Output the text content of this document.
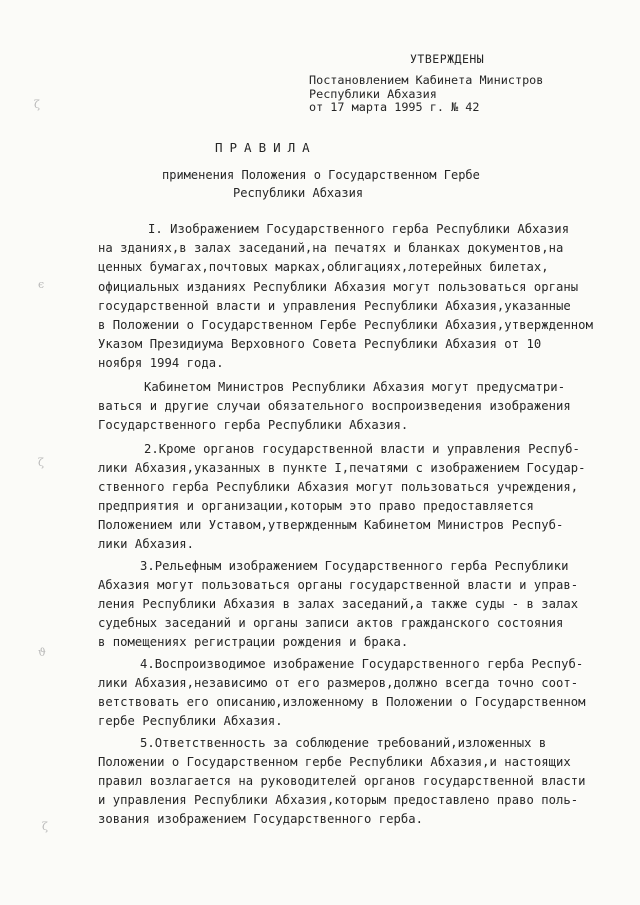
УТВЕРЖДЕНЫ
Постановлением Кабинета Министров
Республики Абхазия
от 17 марта 1995 г. № 42
ПРАВИЛА
применения Положения о Государственном Гербе
Республики Абхазия
I. Изображением Государственного герба Республики Абхазия
на зданиях,в залах заседаний,на печатях и бланках документов,на
ценных бумагах,почтовых марках,облигациях,лотерейных билетах,
официальных изданиях Республики Абхазия могут пользоваться органы
государственной власти и управления Республики Абхазия,указанные
в Положении о Государственном Гербе Республики Абхазия,утвержденном
Указом Президиума Верховного Совета Республики Абхазия от 10
ноября 1994 года.
Кабинетом Министров Республики Абхазия могут предусматри-
ваться и другие случаи обязательного воспроизведения изображения
Государственного герба Республики Абхазия.
2.Кроме органов государственной власти и управления Респуб-
лики Абхазия,указанных в пункте I,печатями с изображением Государ-
ственного герба Республики Абхазия могут пользоваться учреждения,
предприятия и организации,которым это право предоставляется
Положением или Уставом,утвержденным Кабинетом Министров Респуб-
лики Абхазия.
3.Рельефным изображением Государственного герба Республики
Абхазия могут пользоваться органы государственной власти и управ-
ления Республики Абхазия в залах заседаний,а также суды - в залах
судебных заседаний и органы записи актов гражданского состояния
в помещениях регистрации рождения и брака.
4.Воспроизводимое изображение Государственного герба Респуб-
лики Абхазия,независимо от его размеров,должно всегда точно соот-
ветствовать его описанию,изложенному в Положении о Государственном
гербе Республики Абхазия.
5.Ответственность за соблюдение требований,изложенных в
Положении о Государственном гербе Республики Абхазия,и настоящих
правил возлагается на руководителей органов государственной власти
и управления Республики Абхазия,которым предоставлено право поль-
зования изображением Государственного герба.
ζ
ϵ
ζ
ϑ
ζ
